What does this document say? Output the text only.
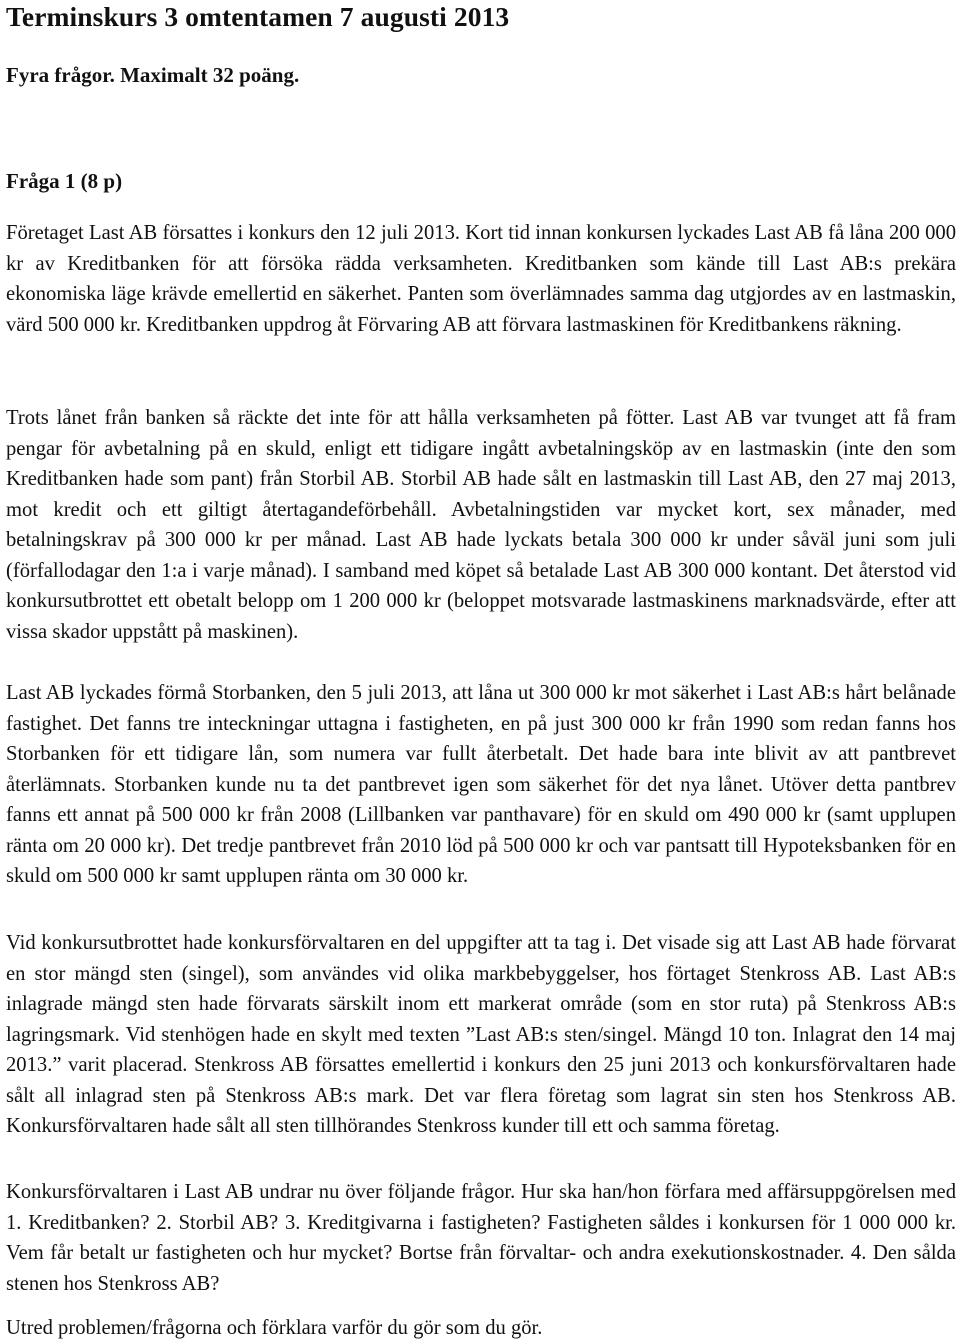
Terminskurs 3 omtentamen 7 augusti 2013
Fyra frågor. Maximalt 32 poäng.
Fråga 1 (8 p)

Företaget Last AB försattes i konkurs den 12 juli 2013. Kort tid innan konkursen lyckades Last AB få låna 200 000 kr av Kreditbanken för att försöka rädda verksamheten. Kreditbanken som kände till Last AB:s prekära ekonomiska läge krävde emellertid en säkerhet. Panten som överlämnades samma dag utgjordes av en lastmaskin, värd 500 000 kr. Kreditbanken uppdrog åt Förvaring AB att förvara lastmaskinen för Kreditbankens räkning.

Trots lånet från banken så räckte det inte för att hålla verksamheten på fötter. Last AB var tvunget att få fram pengar för avbetalning på en skuld, enligt ett tidigare ingått avbetalningsköp av en lastmaskin (inte den som Kreditbanken hade som pant) från Storbil AB. Storbil AB hade sålt en lastmaskin till Last AB, den 27 maj 2013, mot kredit och ett giltigt återtagandeförbehåll. Avbetalningstiden var mycket kort, sex månader, med betalningskrav på 300 000 kr per månad. Last AB hade lyckats betala 300 000 kr under såväl juni som juli (förfallodagar den 1:a i varje månad). I samband med köpet så betalade Last AB 300 000 kontant. Det återstod vid konkursutbrottet ett obetalt belopp om 1 200 000 kr (beloppet motsvarade lastmaskinens marknadsvärde, efter att vissa skador uppstått på maskinen).

Last AB lyckades förmå Storbanken, den 5 juli 2013, att låna ut 300 000 kr mot säkerhet i Last AB:s hårt belånade fastighet. Det fanns tre inteckningar uttagna i fastigheten, en på just 300 000 kr från 1990 som redan fanns hos Storbanken för ett tidigare lån, som numera var fullt återbetalt. Det hade bara inte blivit av att pantbrevet återlämnats. Storbanken kunde nu ta det pantbrevet igen som säkerhet för det nya lånet. Utöver detta pantbrev fanns ett annat på 500 000 kr från 2008 (Lillbanken var panthavare) för en skuld om 490 000 kr (samt upplupen ränta om 20 000 kr). Det tredje pantbrevet från 2010 löd på 500 000 kr och var pantsatt till Hypoteksbanken för en skuld om 500 000 kr samt upplupen ränta om 30 000 kr.

Vid konkursutbrottet hade konkursförvaltaren en del uppgifter att ta tag i. Det visade sig att Last AB hade förvarat en stor mängd sten (singel), som användes vid olika markbebyggelser, hos förtaget Stenkross AB. Last AB:s inlagrade mängd sten hade förvarats särskilt inom ett markerat område (som en stor ruta) på Stenkross AB:s lagringsmark. Vid stenhögen hade en skylt med texten ”Last AB:s sten/singel. Mängd 10 ton. Inlagrat den 14 maj 2013.” varit placerad. Stenkross AB försattes emellertid i konkurs den 25 juni 2013 och konkursförvaltaren hade sålt all inlagrad sten på Stenkross AB:s mark. Det var flera företag som lagrat sin sten hos Stenkross AB. Konkursförvaltaren hade sålt all sten tillhörandes Stenkross kunder till ett och samma företag.

Konkursförvaltaren i Last AB undrar nu över följande frågor. Hur ska han/hon förfara med affärsuppgörelsen med 1. Kreditbanken? 2. Storbil AB? 3. Kreditgivarna i fastigheten? Fastigheten såldes i konkursen för 1 000 000 kr. Vem får betalt ur fastigheten och hur mycket? Bortse från förvaltar- och andra exekutionskostnader. 4. Den sålda stenen hos Stenkross AB?

Utred problemen/frågorna och förklara varför du gör som du gör.
